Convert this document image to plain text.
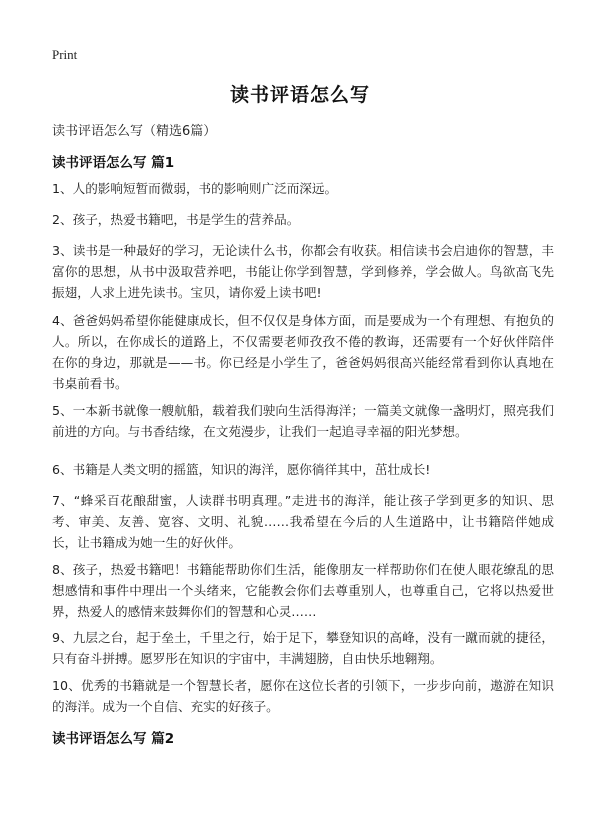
Print
读书评语怎么写
读书评语怎么写（精选6篇）
读书评语怎么写 篇1
1、人的影响短暂而微弱，书的影响则广泛而深远。
2、孩子，热爱书籍吧，书是学生的营养品。
3、读书是一种最好的学习，无论读什么书，你都会有收获。相信读书会启迪你的智慧，丰富你的思想，从书中汲取营养吧，书能让你学到智慧，学到修养，学会做人。鸟欲高飞先振翅，人求上进先读书。宝贝，请你爱上读书吧!
4、爸爸妈妈希望你能健康成长，但不仅仅是身体方面，而是要成为一个有理想、有抱负的人。所以，在你成长的道路上，不仅需要老师孜孜不倦的教诲，还需要有一个好伙伴陪伴在你的身边，那就是——书。你已经是小学生了，爸爸妈妈很高兴能经常看到你认真地在书桌前看书。
5、一本新书就像一艘航船，载着我们驶向生活得海洋；一篇美文就像一盏明灯，照亮我们前进的方向。与书香结缘，在文苑漫步，让我们一起追寻幸福的阳光梦想。
6、书籍是人类文明的摇篮，知识的海洋，愿你徜徉其中，茁壮成长!
7、“蜂采百花酿甜蜜，人读群书明真理。”走进书的海洋，能让孩子学到更多的知识、思考、审美、友善、宽容、文明、礼貌……我希望在今后的人生道路中，让书籍陪伴她成长，让书籍成为她一生的好伙伴。
8、孩子，热爱书籍吧！书籍能帮助你们生活，能像朋友一样帮助你们在使人眼花缭乱的思想感情和事件中理出一个头绪来，它能教会你们去尊重别人，也尊重自己，它将以热爱世界，热爱人的感情来鼓舞你们的智慧和心灵……
9、九层之台，起于垒土，千里之行，始于足下，攀登知识的高峰，没有一蹴而就的捷径，只有奋斗拼搏。愿罗彤在知识的宇宙中，丰满翅膀，自由快乐地翱翔。
10、优秀的书籍就是一个智慧长者，愿你在这位长者的引领下，一步步向前，遨游在知识的海洋。成为一个自信、充实的好孩子。
读书评语怎么写 篇2
